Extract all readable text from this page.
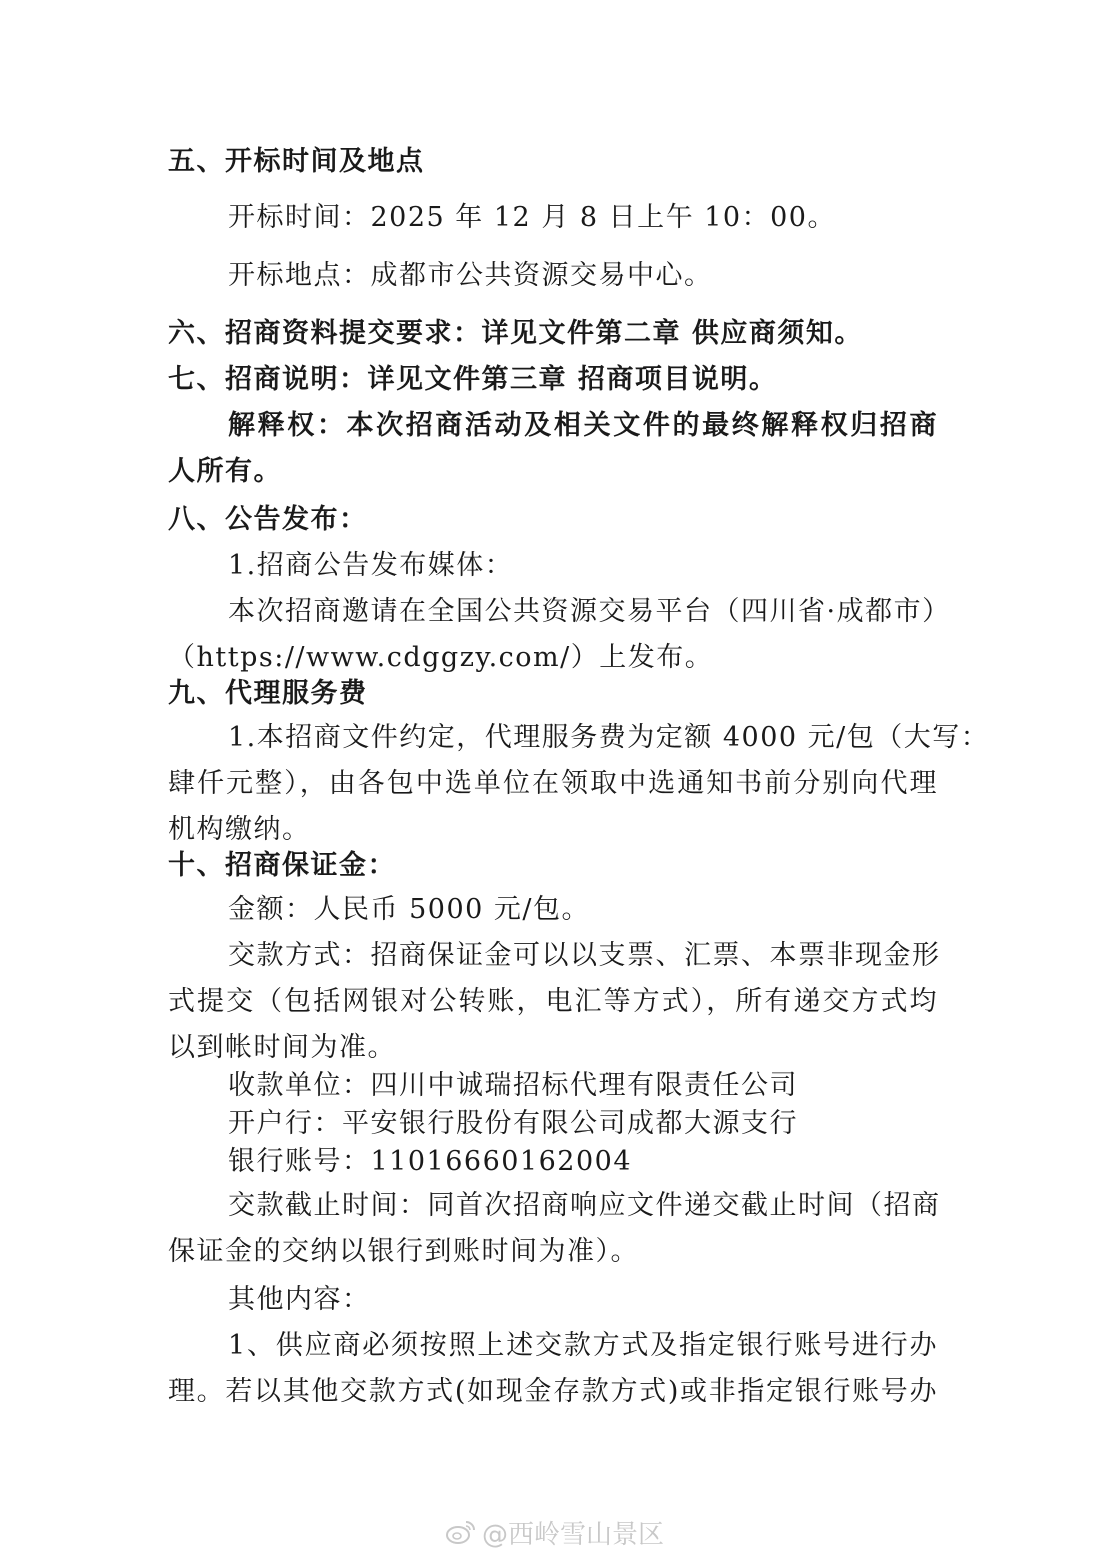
五、开标时间及地点
开标时间：2025 年 12 月 8 日上午 10：00。
开标地点：成都市公共资源交易中心。
六、招商资料提交要求：详见文件第二章 供应商须知。
七、招商说明：详见文件第三章 招商项目说明。
解释权：本次招商活动及相关文件的最终解释权归招商
人所有。
八、公告发布：
1.招商公告发布媒体：
本次招商邀请在全国公共资源交易平台（四川省·成都市）
（https://www.cdggzy.com/）上发布。
九、代理服务费
1.本招商文件约定，代理服务费为定额 4000 元/包（大写：
肆仟元整），由各包中选单位在领取中选通知书前分别向代理
机构缴纳。
十、招商保证金：
金额：人民币 5000 元/包。
交款方式：招商保证金可以以支票、汇票、本票非现金形
式提交（包括网银对公转账，电汇等方式），所有递交方式均
以到帐时间为准。
收款单位：四川中诚瑞招标代理有限责任公司
开户行：平安银行股份有限公司成都大源支行
银行账号：11016660162004
交款截止时间：同首次招商响应文件递交截止时间（招商
保证金的交纳以银行到账时间为准）。
其他内容：
1、供应商必须按照上述交款方式及指定银行账号进行办
理。若以其他交款方式(如现金存款方式)或非指定银行账号办
@西岭雪山景区
